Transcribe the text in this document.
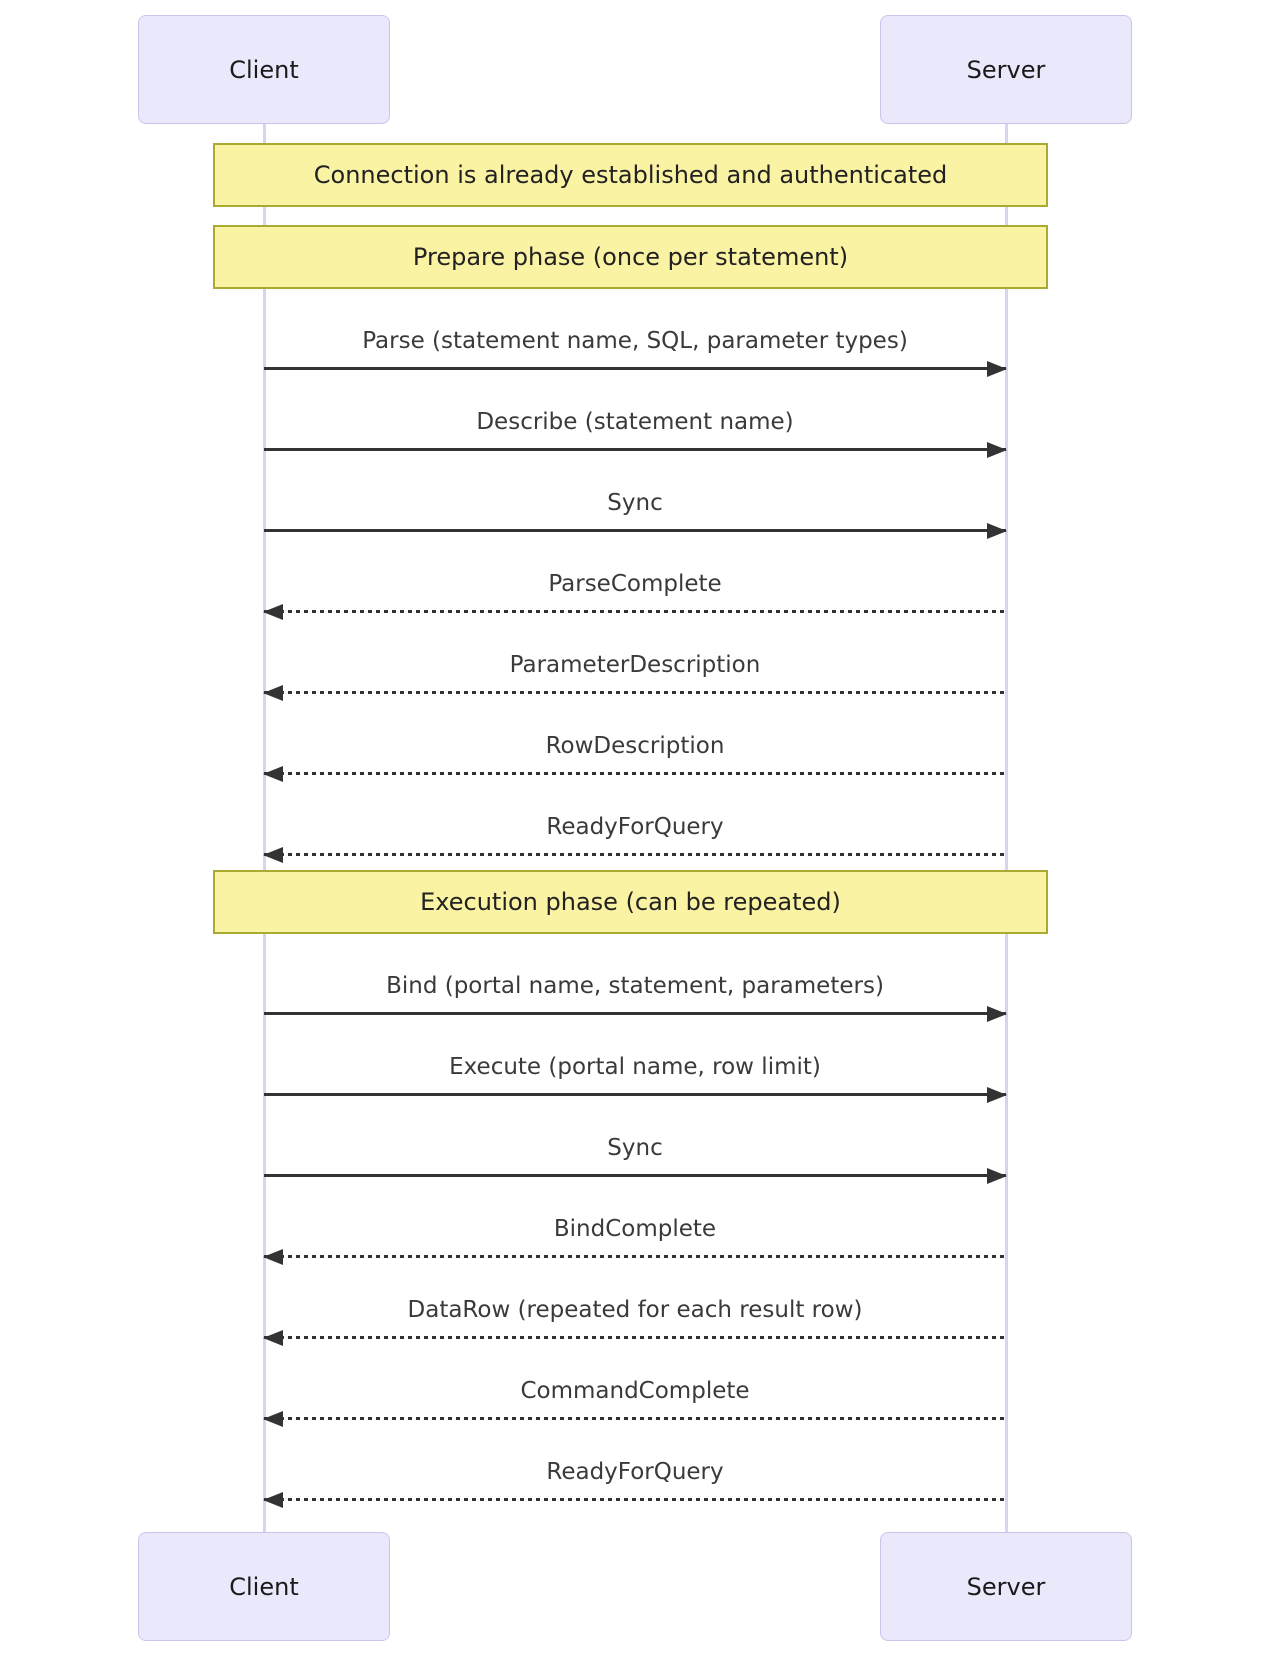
Client	Server
Connection is already established and authenticated
Prepare phase (once per statement)
Parse (statement name, SQL, parameter types)
Describe (statement name)
Sync
ParseComplete
ParameterDescription
RowDescription
ReadyForQuery
Execution phase (can be repeated)
Bind (portal name, statement, parameters)
Execute (portal name, row limit)
Sync
BindComplete
DataRow (repeated for each result row)
CommandComplete
ReadyForQuery
Client	Server
